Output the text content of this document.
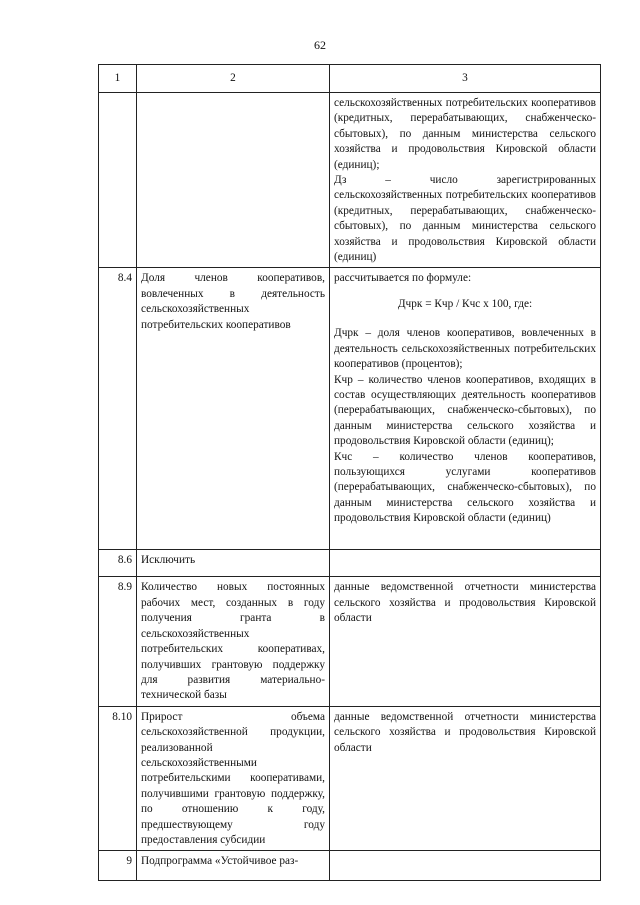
62
1	2	3

		сельскохозяйственных потребительских кооперативов (кредитных, перерабатывающих, снабженческо-сбытовых), по данным министерства сельского хозяйства и продовольствия Кировской области (единиц);
Дз – число зарегистрированных сельскохозяйственных потребительских кооперативов (кредитных, перерабатывающих, снабженческо-сбытовых), по данным министерства сельского хозяйства и продовольствия Кировской области (единиц)

8.4	Доля членов кооперативов, вовлеченных в деятельность сельскохозяйственных потребительских кооперативов	рассчитывается по формуле:
Дчрк = Кчр / Кчс х 100, где:
Дчрк – доля членов кооперативов, вовлеченных в деятельность сельскохозяйственных потребительских кооперативов (процентов);
Кчр – количество членов кооперативов, входящих в состав осуществляющих деятельность кооперативов (перерабатывающих, снабженческо-сбытовых), по данным министерства сельского хозяйства и продовольствия Кировской области (единиц);
Кчс – количество членов кооперативов, пользующихся услугами кооперативов (перерабатывающих, снабженческо-сбытовых), по данным министерства сельского хозяйства и продовольствия Кировской области (единиц)

8.6	Исключить	
8.9	Количество новых постоянных рабочих мест, созданных в году получения гранта в сельскохозяйственных потребительских кооперативах, получивших грантовую поддержку для развития материально-технической базы	данные ведомственной отчетности министерства сельского хозяйства и продовольствия Кировской области
8.10	Прирост объема сельскохозяйственной продукции, реализованной сельскохозяйственными потребительскими кооперативами, получившими грантовую поддержку, по отношению к году, предшествующему году предоставления субсидии	данные ведомственной отчетности министерства сельского хозяйства и продовольствия Кировской области
9	Подпрограмма «Устойчивое раз-	
